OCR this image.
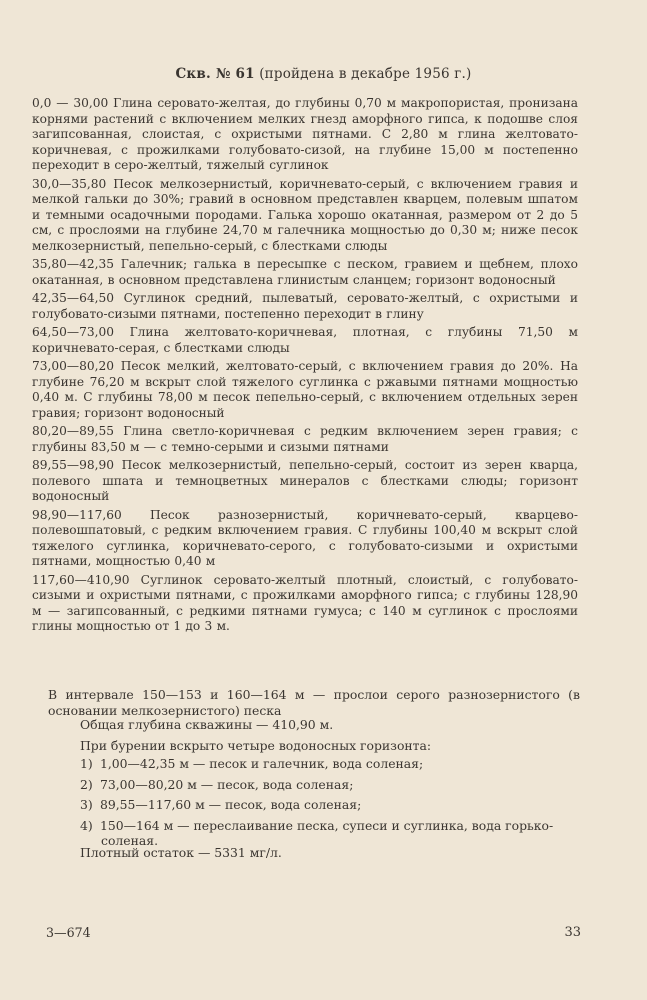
Скв. № 61 (пройдена в декабре 1956 г.)

0,0 — 30,00 Глина серовато-желтая, до глубины 0,70 м макропористая, пронизана корнями растений с включением мелких гнезд аморфного гипса, к подошве слоя загипсованная, слоистая, с охристыми пятнами. С 2,80 м глина желтовато-коричневая, с прожилками голубовато-сизой, на глубине 15,00 м постепенно переходит в серо-желтый, тяжелый суглинок

30,0—35,80 Песок мелкозернистый, коричневато-серый, с включением гравия и мелкой гальки до 30%; гравий в основном представлен кварцем, полевым шпатом и темными осадочными породами. Галька хорошо окатанная, размером от 2 до 5 см, с прослоями на глубине 24,70 м галечника мощностью до 0,30 м; ниже песок мелкозернистый, пепельно-серый, с блестками слюды

35,80—42,35 Галечник; галька в пересыпке с песком, гравием и щебнем, плохо окатанная, в основном представлена глинистым сланцем; горизонт водоносный

42,35—64,50 Суглинок средний, пылеватый, серовато-желтый, с охристыми и голубовато-сизыми пятнами, постепенно переходит в глину

64,50—73,00 Глина желтовато-коричневая, плотная, с глубины 71,50 м коричневато-серая, с блестками слюды

73,00—80,20 Песок мелкий, желтовато-серый, с включением гравия до 20%. На глубине 76,20 м вскрыт слой тяжелого суглинка с ржавыми пятнами мощностью 0,40 м. С глубины 78,00 м песок пепельно-серый, с включением отдельных зерен гравия; горизонт водоносный

80,20—89,55 Глина светло-коричневая с редким включением зерен гравия; с глубины 83,50 м — с темно-серыми и сизыми пятнами

89,55—98,90 Песок мелкозернистый, пепельно-серый, состоит из зерен кварца, полевого шпата и темноцветных минералов с блестками слюды; горизонт водоносный

98,90—117,60 Песок разнозернистый, коричневато-серый, кварцево-полевошпатовый, с редким включением гравия. С глубины 100,40 м вскрыт слой тяжелого суглинка, коричневато-серого, с голубовато-сизыми и охристыми пятнами, мощностью 0,40 м

117,60—410,90 Суглинок серовато-желтый плотный, слоистый, с голубовато-сизыми и охристыми пятнами, с прожилками аморфного гипса; с глубины 128,90 м — загипсованный, с редкими пятнами гумуса; с 140 м суглинок с прослоями глины мощностью от 1 до 3 м.

В интервале 150—153 и 160—164 м — прослои серого разнозернистого (в основании мелкозернистого) песка
Общая глубина скважины — 410,90 м.
При бурении вскрыто четыре водоносных горизонта:
1) 1,00—42,35 м — песок и галечник, вода соленая;
2) 73,00—80,20 м — песок, вода соленая;
3) 89,55—117,60 м — песок, вода соленая;
4) 150—164 м — переслаивание песка, супеси и суглинка, вода горько-
соленая.
Плотный остаток — 5331 мг/л.
3—674	33
